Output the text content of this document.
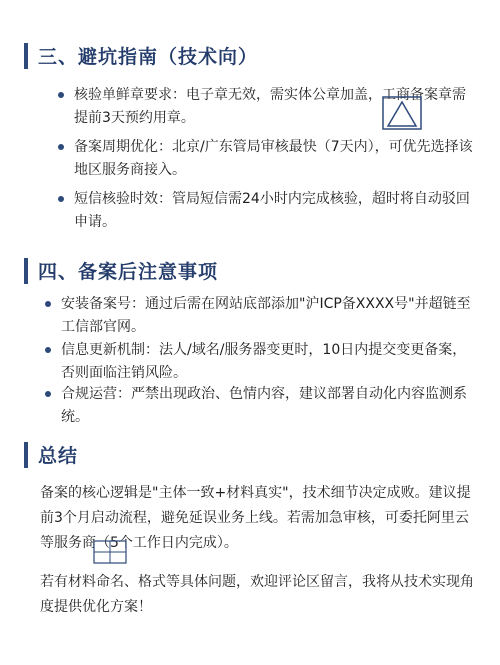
三、避坑指南（技术向）
核验单鲜章要求：电子章无效，需实体公章加盖，工商备案章需提前3天预约用章。
备案周期优化：北京/广东管局审核最快（7天内），可优先选择该地区服务商接入。
短信核验时效：管局短信需24小时内完成核验，超时将自动驳回申请。
四、备案后注意事项
安装备案号：通过后需在网站底部添加"沪ICP备XXXX号"并超链至工信部官网。
信息更新机制：法人/域名/服务器变更时，10日内提交变更备案，否则面临注销风险。
合规运营：严禁出现政治、色情内容，建议部署自动化内容监测系统。
总结
备案的核心逻辑是"主体一致+材料真实"，技术细节决定成败。建议提前3个月启动流程，避免延误业务上线。若需加急审核，可委托阿里云等服务商（5个工作日内完成）。
若有材料命名、格式等具体问题，欢迎评论区留言，我将从技术实现角度提供优化方案！
